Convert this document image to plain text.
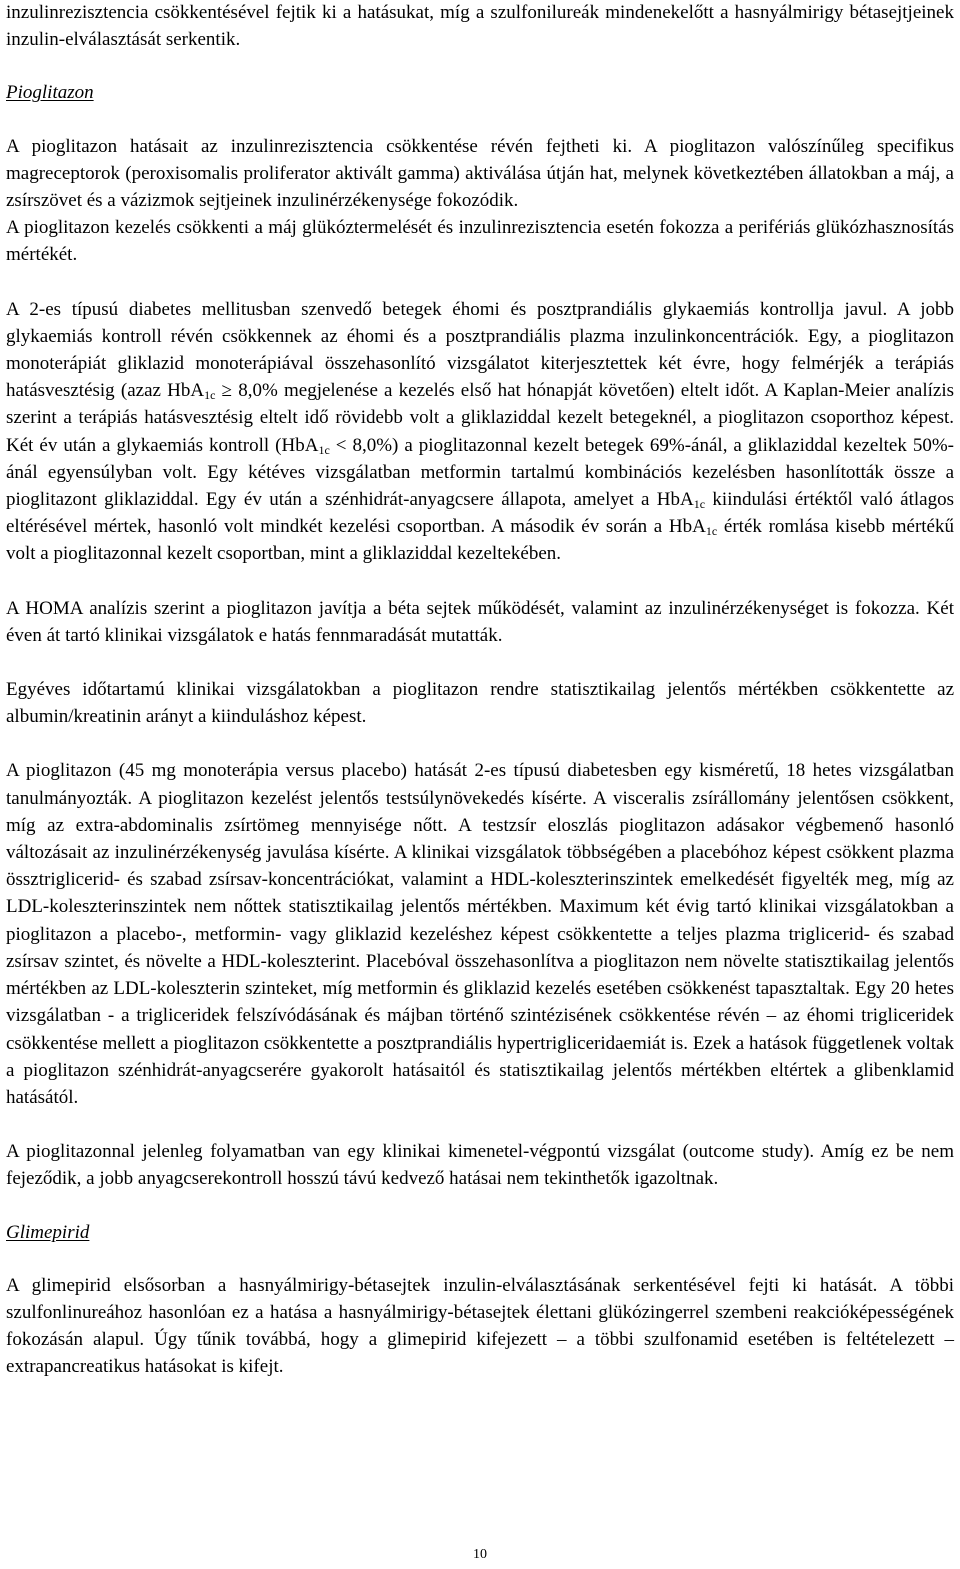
inzulinrezisztencia csökkentésével fejtik ki a hatásukat, míg a szulfonilureák mindenekelőtt a hasnyálmirigy bétasejtjeinek inzulin-elválasztását serkentik.

Pioglitazon

A pioglitazon hatásait az inzulinrezisztencia csökkentése révén fejtheti ki. A pioglitazon valószínűleg specifikus magreceptorok (peroxisomalis proliferator aktivált gamma) aktiválása útján hat, melynek következtében állatokban a máj, a zsírszövet és a vázizmok sejtjeinek inzulinérzékenysége fokozódik.

A pioglitazon kezelés csökkenti a máj glükóztermelését és inzulinrezisztencia esetén fokozza a perifériás glükózhasznosítás mértékét.

A 2-es típusú diabetes mellitusban szenvedő betegek éhomi és posztprandiális glykaemiás kontrollja javul. A jobb glykaemiás kontroll révén csökkennek az éhomi és a posztprandiális plazma inzulinkoncentrációk. Egy, a pioglitazon monoterápiát gliklazid monoterápiával összehasonlító vizsgálatot kiterjesztettek két évre, hogy felmérjék a terápiás hatásvesztésig (azaz HbA$_{1c}$ ≥ 8,0% megjelenése a kezelés első hat hónapját követően) eltelt időt. A Kaplan-Meier analízis szerint a terápiás hatásvesztésig eltelt idő rövidebb volt a gliklaziddal kezelt betegeknél, a pioglitazon csoporthoz képest. Két év után a glykaemiás kontroll (HbA$_{1c}$ < 8,0%) a pioglitazonnal kezelt betegek 69%-ánál, a gliklaziddal kezeltek 50%-ánál egyensúlyban volt. Egy kétéves vizsgálatban metformin tartalmú kombinációs kezelésben hasonlították össze a pioglitazont gliklaziddal. Egy év után a szénhidrát-anyagcsere állapota, amelyet a HbA$_{1c}$ kiindulási értéktől való átlagos eltérésével mértek, hasonló volt mindkét kezelési csoportban. A második év során a HbA$_{1c}$ érték romlása kisebb mértékű volt a pioglitazonnal kezelt csoportban, mint a gliklaziddal kezeltekében.

A HOMA analízis szerint a pioglitazon javítja a béta sejtek működését, valamint az inzulinérzékenységet is fokozza. Két éven át tartó klinikai vizsgálatok e hatás fennmaradását mutatták.

Egyéves időtartamú klinikai vizsgálatokban a pioglitazon rendre statisztikailag jelentős mértékben csökkentette az albumin/kreatinin arányt a kiinduláshoz képest.

A pioglitazon (45 mg monoterápia versus placebo) hatását 2-es típusú diabetesben egy kisméretű, 18 hetes vizsgálatban tanulmányozták. A pioglitazon kezelést jelentős testsúlynövekedés kísérte. A visceralis zsírállomány jelentősen csökkent, míg az extra-abdominalis zsírtömeg mennyisége nőtt. A testzsír eloszlás pioglitazon adásakor végbemenő hasonló változásait az inzulinérzékenység javulása kísérte. A klinikai vizsgálatok többségében a placebóhoz képest csökkent plazma össztriglicerid- és szabad zsírsav-koncentrációkat, valamint a HDL-koleszterinszintek emelkedését figyelték meg, míg az LDL-koleszterinszintek nem nőttek statisztikailag jelentős mértékben. Maximum két évig tartó klinikai vizsgálatokban a pioglitazon a placebo-, metformin- vagy gliklazid kezeléshez képest csökkentette a teljes plazma triglicerid- és szabad zsírsav szintet, és növelte a HDL-koleszterint. Placebóval összehasonlítva a pioglitazon nem növelte statisztikailag jelentős mértékben az LDL-koleszterin szinteket, míg metformin és gliklazid kezelés esetében csökkenést tapasztaltak. Egy 20 hetes vizsgálatban - a trigliceridek felszívódásának és májban történő szintézisének csökkentése révén – az éhomi trigliceridek csökkentése mellett a pioglitazon csökkentette a posztprandiális hypertrigliceridaemiát is. Ezek a hatások függetlenek voltak a pioglitazon szénhidrát-anyagcserére gyakorolt hatásaitól és statisztikailag jelentős mértékben eltértek a glibenklamid hatásától.

A pioglitazonnal jelenleg folyamatban van egy klinikai kimenetel-végpontú vizsgálat (outcome study). Amíg ez be nem fejeződik, a jobb anyagcserekontroll hosszú távú kedvező hatásai nem tekinthetők igazoltnak.

Glimepirid

A glimepirid elsősorban a hasnyálmirigy-bétasejtek inzulin-elválasztásának serkentésével fejti ki hatását. A többi szulfonlinureához hasonlóan ez a hatása a hasnyálmirigy-bétasejtek élettani glükózingerrel szembeni reakcióképességének fokozásán alapul. Úgy tűnik továbbá, hogy a glimepirid kifejezett – a többi szulfonamid esetében is feltételezett – extrapancreatikus hatásokat is kifejt.

10
